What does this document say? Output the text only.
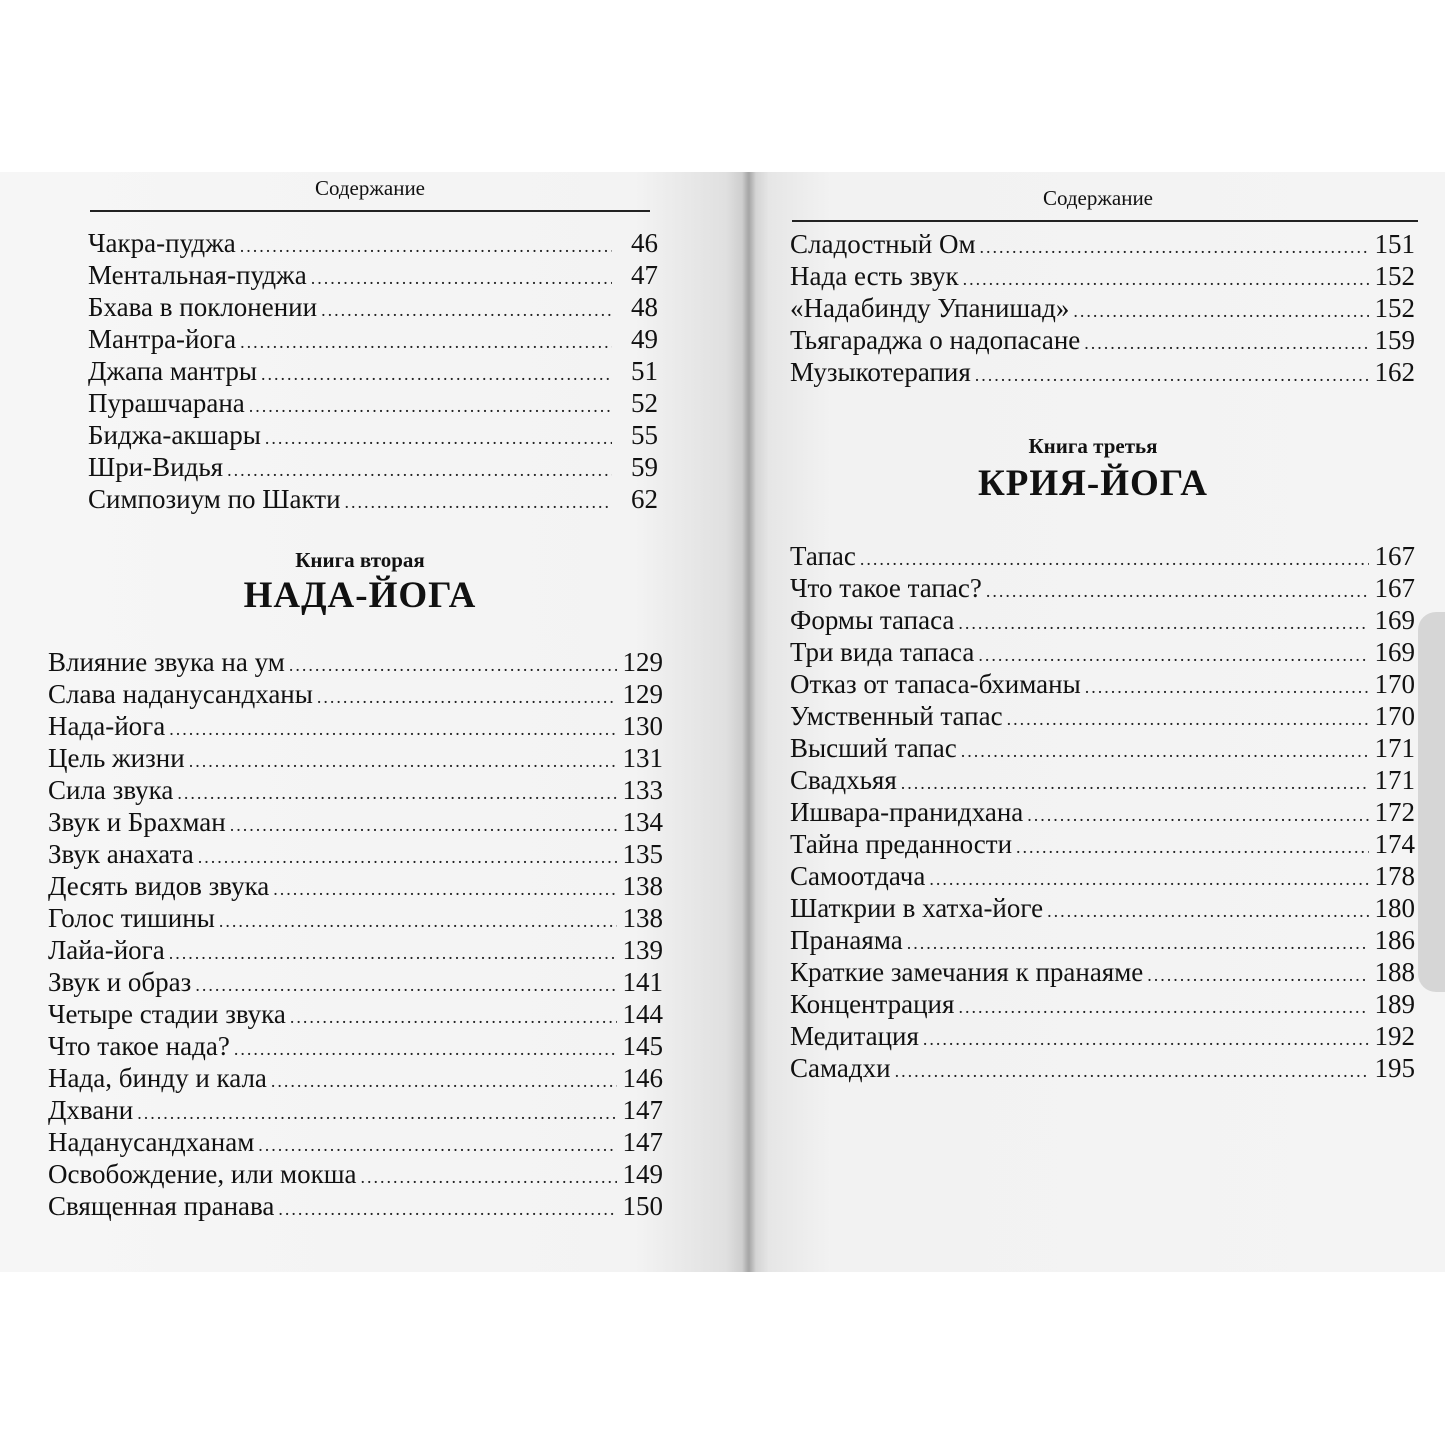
Содержание
Чакра-пуджа .....	46
Ментальная-пуджа .....	47
Бхава в поклонении .....	48
Мантра-йога .....	49
Джапа мантры .....	51
Пурашчарана .....	52
Биджа-акшары .....	55
Шри-Видья .....	59
Симпозиум по Шакти .....	62
Книга вторая
НАДА-ЙОГА
Влияние звука на ум .....	129
Слава наданусандханы .....	129
Нада-йога .....	130
Цель жизни .....	131
Сила звука .....	133
Звук и Брахман .....	134
Звук анахата .....	135
Десять видов звука .....	138
Голос тишины .....	138
Лайа-йога .....	139
Звук и образ .....	141
Четыре стадии звука .....	144
Что такое нада? .....	145
Нада, бинду и кала .....	146
Дхвани .....	147
Наданусандханам .....	147
Освобождение, или мокша .....	149
Священная пранава .....	150
Содержание
Сладостный Ом .....	151
Нада есть звук .....	152
«Надабинду Упанишад» .....	152
Тьягараджа о надопасане .....	159
Музыкотерапия .....	162
Книга третья
КРИЯ-ЙОГА
Тапас .....	167
Что такое тапас? .....	167
Формы тапаса .....	169
Три вида тапаса .....	169
Отказ от тапаса-бхиманы .....	170
Умственный тапас .....	170
Высший тапас .....	171
Свадхьяя .....	171
Ишвара-пранидхана .....	172
Тайна преданности .....	174
Самоотдача .....	178
Шаткрии в хатха-йоге .....	180
Пранаяма .....	186
Краткие замечания к пранаяме .....	188
Концентрация .....	189
Медитация .....	192
Самадхи .....	195
